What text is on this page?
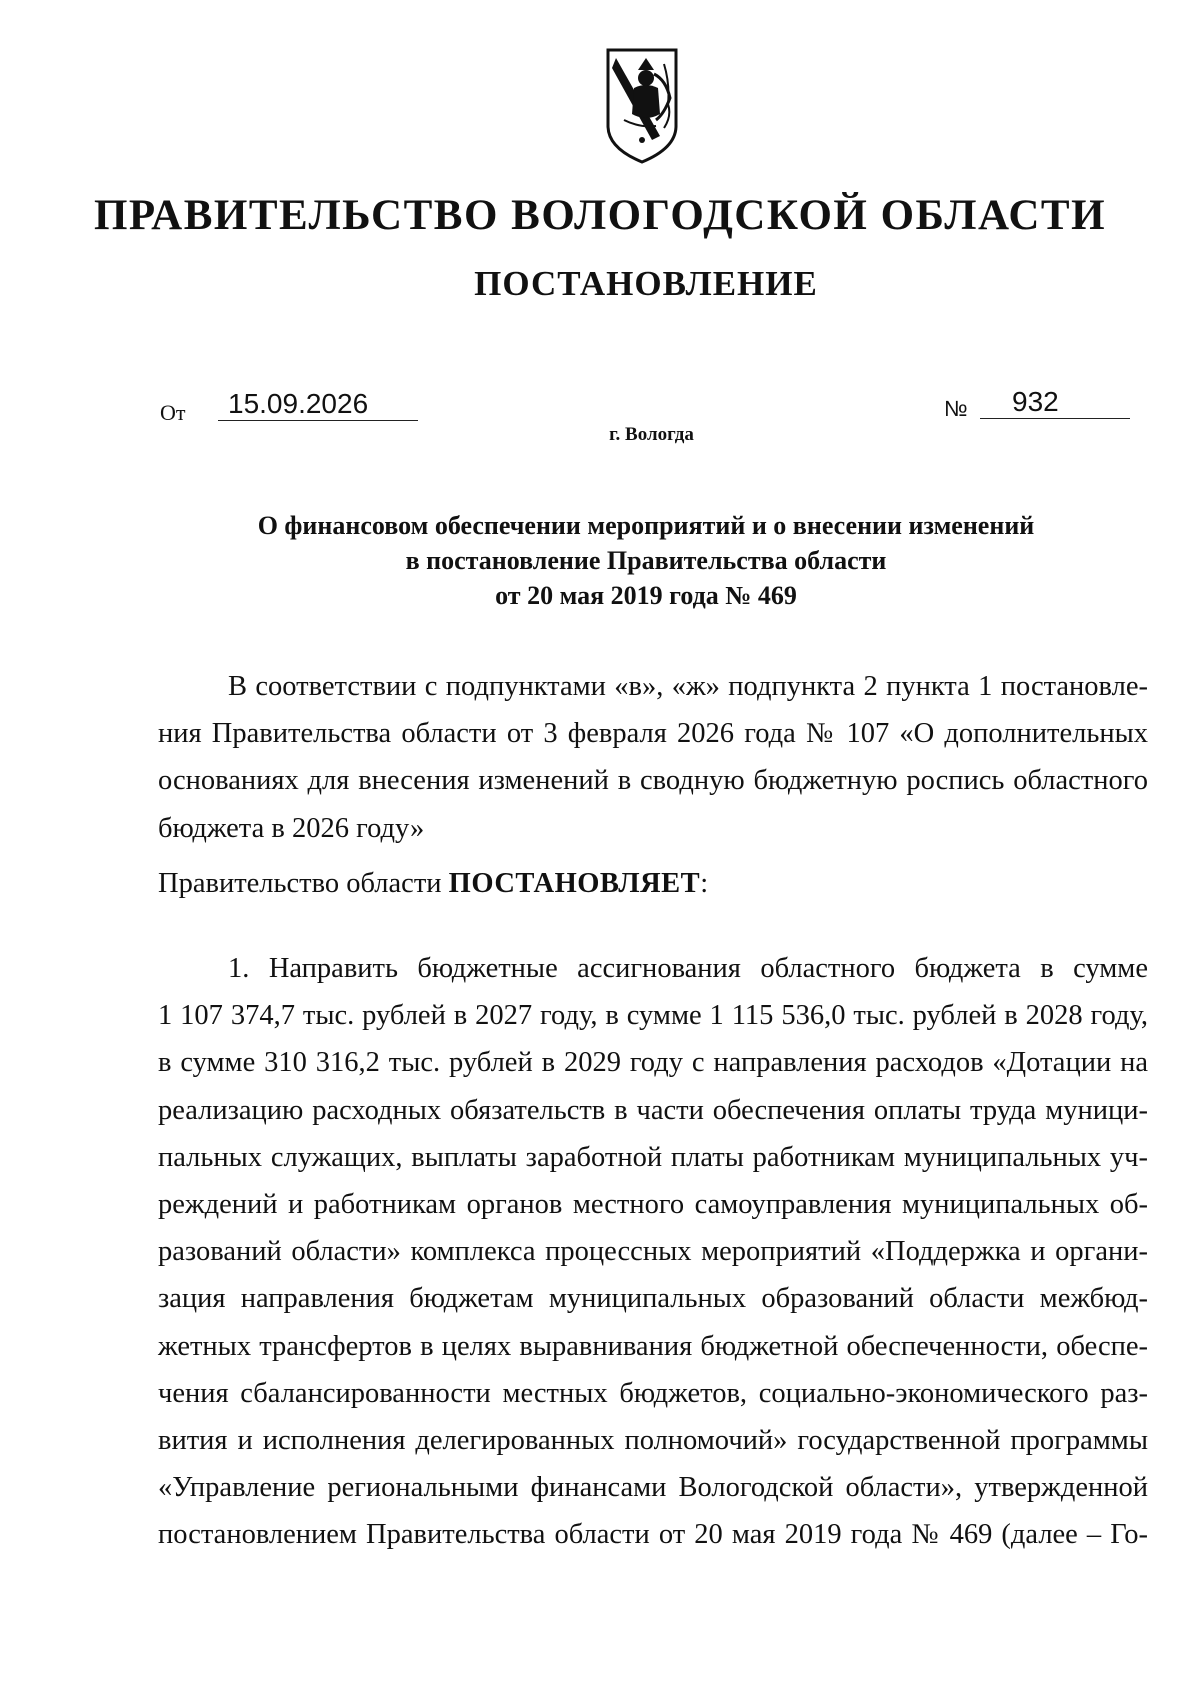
ПРАВИТЕЛЬСТВО ВОЛОГОДСКОЙ ОБЛАСТИ
ПОСТАНОВЛЕНИЕ
От	15.09.2026	№	932
г. Вологда
О финансовом обеспечении мероприятий и о внесении изменений
в постановление Правительства области
от 20 мая 2019 года № 469
В соответствии с подпунктами «в», «ж» подпункта 2 пункта 1 постановле-
ния Правительства области от 3 февраля 2026 года № 107 «О дополнительных
основаниях для внесения изменений в сводную бюджетную роспись областного
бюджета в 2026 году»
Правительство области ПОСТАНОВЛЯЕТ:
1. Направить бюджетные ассигнования областного бюджета в сумме
1 107 374,7 тыс. рублей в 2027 году, в сумме 1 115 536,0 тыс. рублей в 2028 году,
в сумме 310 316,2 тыс. рублей в 2029 году с направления расходов «Дотации на
реализацию расходных обязательств в части обеспечения оплаты труда муници-
пальных служащих, выплаты заработной платы работникам муниципальных уч-
реждений и работникам органов местного самоуправления муниципальных об-
разований области» комплекса процессных мероприятий «Поддержка и органи-
зация направления бюджетам муниципальных образований области межбюд-
жетных трансфертов в целях выравнивания бюджетной обеспеченности, обеспе-
чения сбалансированности местных бюджетов, социально-экономического раз-
вития и исполнения делегированных полномочий» государственной программы
«Управление региональными финансами Вологодской области», утвержденной
постановлением Правительства области от 20 мая 2019 года № 469 (далее – Го-
